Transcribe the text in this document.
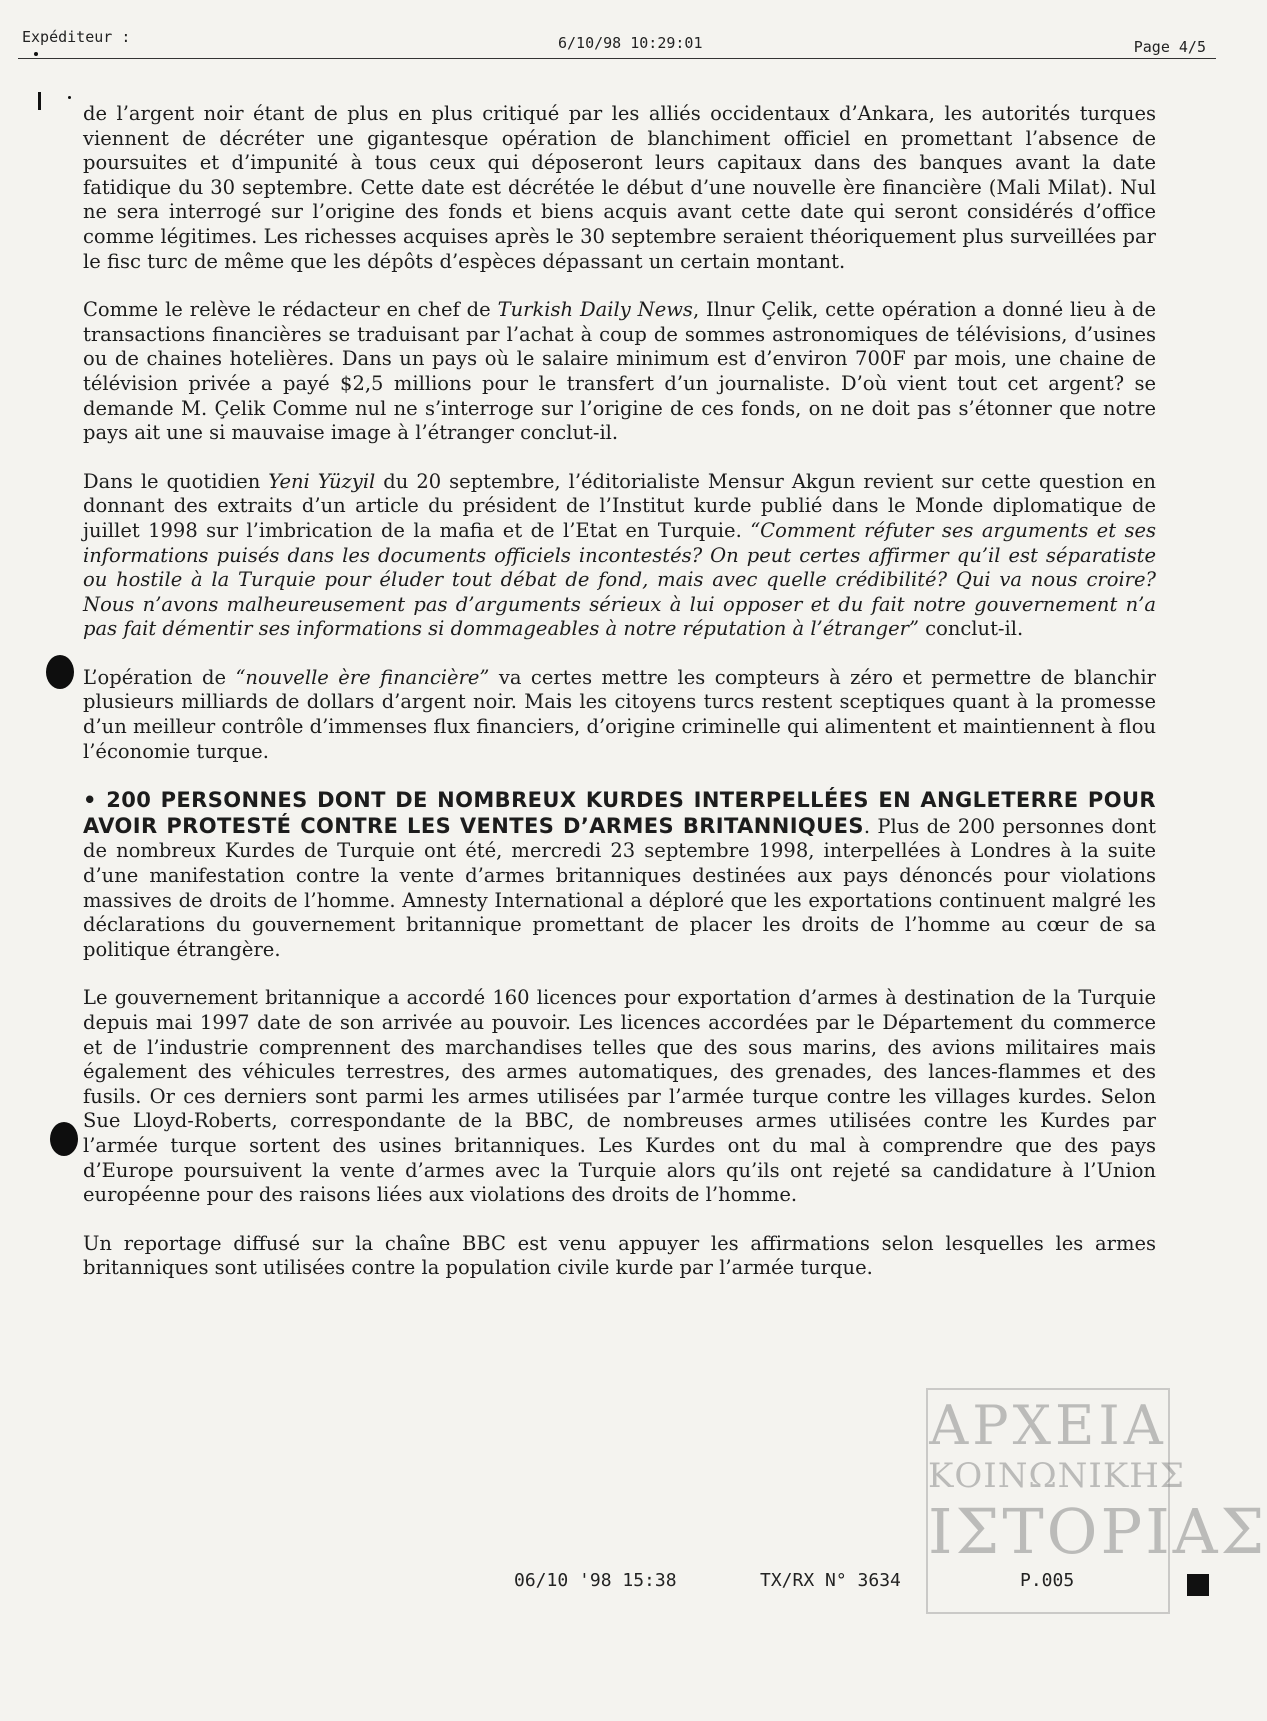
Expéditeur :	6/10/98 10:29:01	Page 4/5

de l’argent noir étant de plus en plus critiqué par les alliés occidentaux d’Ankara, les autorités turques viennent de décréter une gigantesque opération de blanchiment officiel en promettant l’absence de poursuites et d’impunité à tous ceux qui déposeront leurs capitaux dans des banques avant la date fatidique du 30 septembre. Cette date est décrétée le début d’une nouvelle ère financière (Mali Milat). Nul ne sera interrogé sur l’origine des fonds et biens acquis avant cette date qui seront considérés d’office comme légitimes. Les richesses acquises après le 30 septembre seraient théoriquement plus surveillées par le fisc turc de même que les dépôts d’espèces dépassant un certain montant.

Comme le relève le rédacteur en chef de Turkish Daily News, Ilnur Çelik, cette opération a donné lieu à de transactions financières se traduisant par l’achat à coup de sommes astronomiques de télévisions, d’usines ou de chaines hotelières. Dans un pays où le salaire minimum est d’environ 700F par mois, une chaine de télévision privée a payé $2,5 millions pour le transfert d’un journaliste. D’où vient tout cet argent? se demande M. Çelik Comme nul ne s’interroge sur l’origine de ces fonds, on ne doit pas s’étonner que notre pays ait une si mauvaise image à l’étranger conclut-il.

Dans le quotidien Yeni Yüzyil du 20 septembre, l’éditorialiste Mensur Akgun revient sur cette question en donnant des extraits d’un article du président de l’Institut kurde publié dans le Monde diplomatique de juillet 1998 sur l’imbrication de la mafia et de l’Etat en Turquie. “Comment réfuter ses arguments et ses informations puisés dans les documents officiels incontestés? On peut certes affirmer qu’il est séparatiste ou hostile à la Turquie pour éluder tout débat de fond, mais avec quelle crédibilité? Qui va nous croire? Nous n’avons malheureusement pas d’arguments sérieux à lui opposer et du fait notre gouvernement n’a pas fait démentir ses informations si dommageables à notre réputation à l’étranger” conclut-il.

L’opération de “nouvelle ère financière” va certes mettre les compteurs à zéro et permettre de blanchir plusieurs milliards de dollars d’argent noir. Mais les citoyens turcs restent sceptiques quant à la promesse d’un meilleur contrôle d’immenses flux financiers, d’origine criminelle qui alimentent et maintiennent à flou l’économie turque.

• 200 PERSONNES DONT DE NOMBREUX KURDES INTERPELLÉES EN ANGLETERRE POUR AVOIR PROTESTÉ CONTRE LES VENTES D’ARMES BRITANNIQUES. Plus de 200 personnes dont de nombreux Kurdes de Turquie ont été, mercredi 23 septembre 1998, interpellées à Londres à la suite d’une manifestation contre la vente d’armes britanniques destinées aux pays dénoncés pour violations massives de droits de l’homme. Amnesty International a déploré que les exportations continuent malgré les déclarations du gouvernement britannique promettant de placer les droits de l’homme au cœur de sa politique étrangère.

Le gouvernement britannique a accordé 160 licences pour exportation d’armes à destination de la Turquie depuis mai 1997 date de son arrivée au pouvoir. Les licences accordées par le Département du commerce et de l’industrie comprennent des marchandises telles que des sous marins, des avions militaires mais également des véhicules terrestres, des armes automatiques, des grenades, des lances-flammes et des fusils. Or ces derniers sont parmi les armes utilisées par l’armée turque contre les villages kurdes. Selon Sue Lloyd-Roberts, correspondante de la BBC, de nombreuses armes utilisées contre les Kurdes par l’armée turque sortent des usines britanniques. Les Kurdes ont du mal à comprendre que des pays d’Europe poursuivent la vente d’armes avec la Turquie alors qu’ils ont rejeté sa candidature à l’Union européenne pour des raisons liées aux violations des droits de l’homme.

Un reportage diffusé sur la chaîne BBC est venu appuyer les affirmations selon lesquelles les armes britanniques sont utilisées contre la population civile kurde par l’armée turque.

ΑΡΧΕΙΑ
ΚΟΙΝΩΝΙΚΗΣ
ΙΣΤΟΡΙΑΣ
06/10 '98 15:38	TX/RX N° 3634	P.005
